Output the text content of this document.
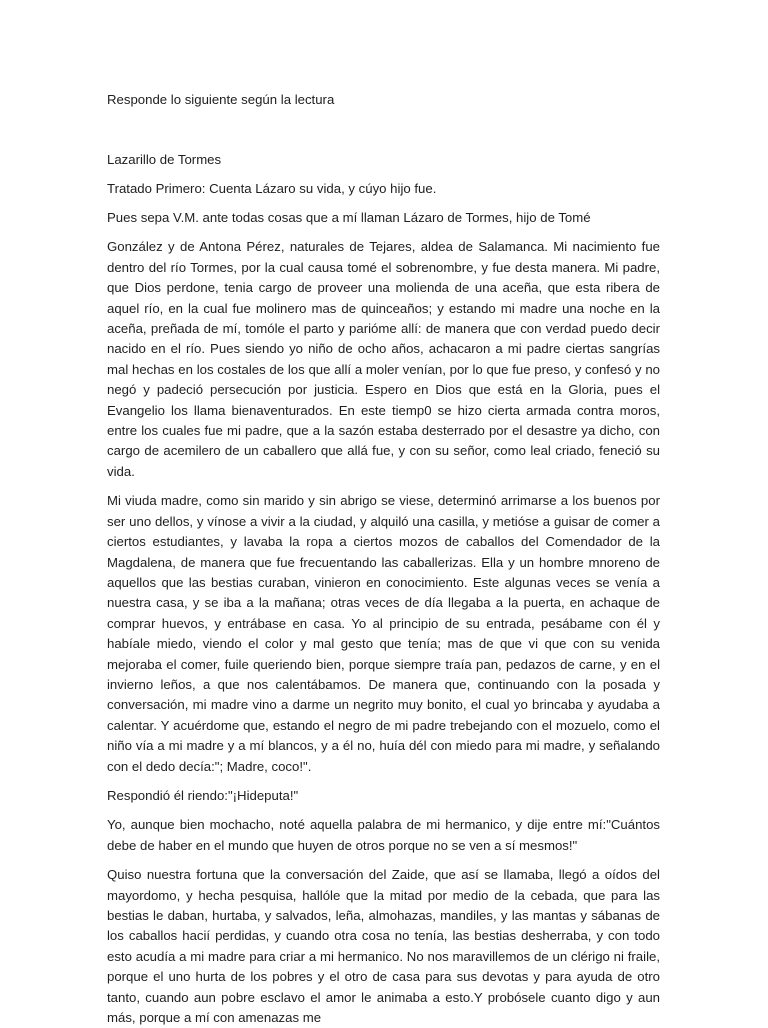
Responde lo siguiente según la lectura

Lazarillo de Tormes

Tratado Primero: Cuenta Lázaro su vida, y cúyo hijo fue.

Pues sepa V.M. ante todas cosas que a mí llaman Lázaro de Tormes, hijo de Tomé

González y de Antona Pérez, naturales de Tejares, aldea de Salamanca. Mi nacimiento fue dentro del río Tormes, por la cual causa tomé el sobrenombre, y fue desta manera. Mi padre, que Dios perdone, tenia cargo de proveer una molienda de una aceña, que esta ribera de aquel río, en la cual fue molinero mas de quinceaños; y estando mi madre una noche en la aceña, preñada de mí, tomóle el parto y parióme allí: de manera que con verdad puedo decir nacido en el río. Pues siendo yo niño de ocho años, achacaron a mi padre ciertas sangrías mal hechas en los costales de los que allí a moler venían, por lo que fue preso, y confesó y no negó y padeció persecución por justicia. Espero en Dios que está en la Gloria, pues el Evangelio los llama bienaventurados. En este tiemp0 se hizo cierta armada contra moros, entre los cuales fue mi padre, que a la sazón estaba desterrado por el desastre ya dicho, con cargo de acemilero de un caballero que allá fue, y con su señor, como leal criado, feneció su vida.

Mi viuda madre, como sin marido y sin abrigo se viese, determinó arrimarse a los buenos por ser uno dellos, y vínose a vivir a la ciudad, y alquiló una casilla, y metióse a guisar de comer a ciertos estudiantes, y lavaba la ropa a ciertos mozos de caballos del Comendador de la Magdalena, de manera que fue frecuentando las caballerizas. Ella y un hombre mnoreno de aquellos que las bestias curaban, vinieron en conocimiento. Este algunas veces se venía a nuestra casa, y se iba a la mañana; otras veces de día llegaba a la puerta, en achaque de comprar huevos, y entrábase en casa. Yo al principio de su entrada, pesábame con él y habíale miedo, viendo el color y mal gesto que tenía; mas de que vi que con su venida mejoraba el comer, fuile queriendo bien, porque siempre traía pan, pedazos de carne, y en el invierno leños, a que nos calentábamos. De manera que, continuando con la posada y conversación, mi madre vino a darme un negrito muy bonito, el cual yo brincaba y ayudaba a calentar. Y acuérdome que, estando el negro de mi padre trebejando con el mozuelo, como el niño vía a mi madre y a mí blancos, y a él no, huía dél con miedo para mi madre, y señalando con el dedo decía:"; Madre, coco!".

Respondió él riendo:"¡Hideputa!"

Yo, aunque bien mochacho, noté aquella palabra de mi hermanico, y dije entre mí:"Cuántos debe de haber en el mundo que huyen de otros porque no se ven a sí mesmos!"

Quiso nuestra fortuna que la conversación del Zaide, que así se llamaba, llegó a oídos del mayordomo, y hecha pesquisa, hallóle que la mitad por medio de la cebada, que para las bestias le daban, hurtaba, y salvados, leña, almohazas, mandiles, y las mantas y sábanas de los caballos hacií perdidas, y cuando otra cosa no tenía, las bestias desherraba, y con todo esto acudía a mi madre para criar a mi hermanico. No nos maravillemos de un clérigo ni fraile, porque el uno hurta de los pobres y el otro de casa para sus devotas y para ayuda de otro tanto, cuando aun pobre esclavo el amor le animaba a esto.Y probósele cuanto digo y aun más, porque a mí con amenazas me
